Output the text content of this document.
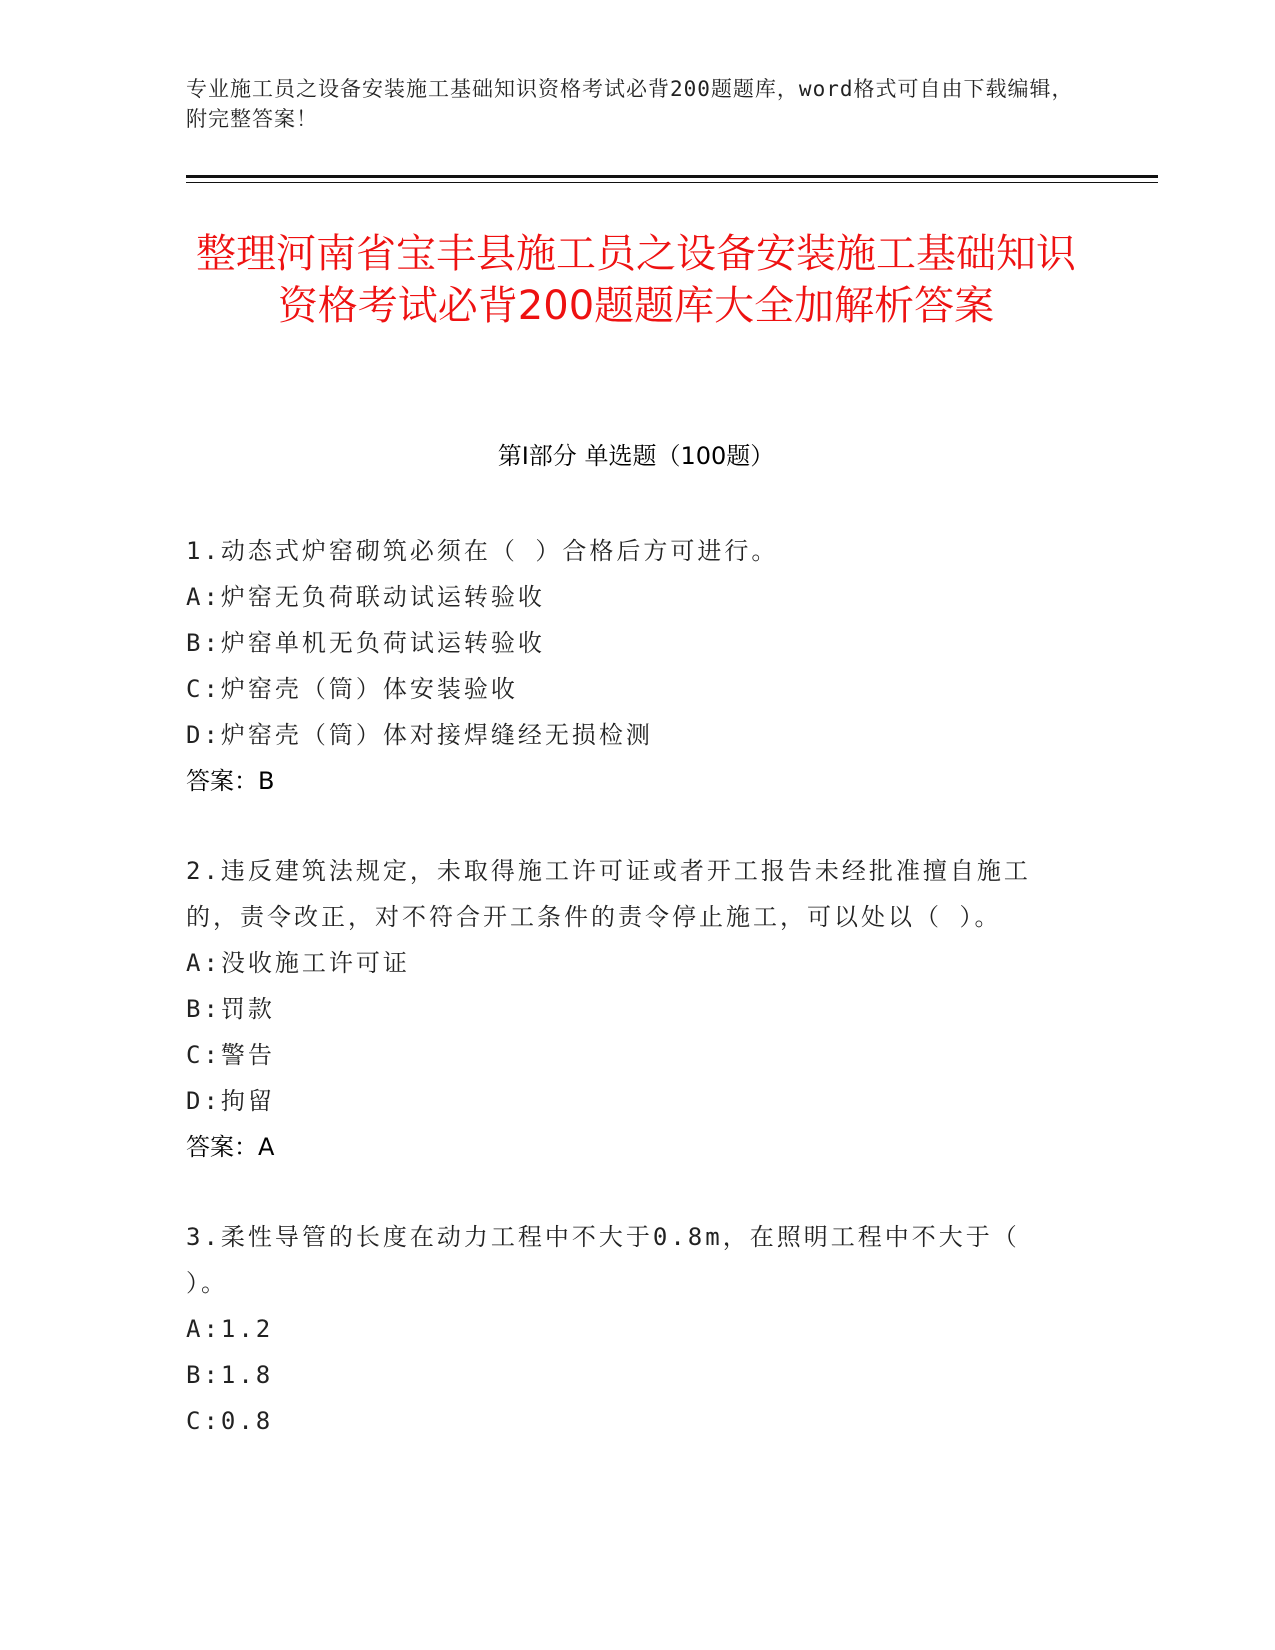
专业施工员之设备安装施工基础知识资格考试必背200题题库，word格式可自由下载编辑，附完整答案！
整理河南省宝丰县施工员之设备安装施工基础知识资格考试必背200题题库大全加解析答案
第Ⅰ部分 单选题（100题）
1.动态式炉窑砌筑必须在（ ）合格后方可进行。
A:炉窑无负荷联动试运转验收
B:炉窑单机无负荷试运转验收
C:炉窑壳（筒）体安装验收
D:炉窑壳（筒）体对接焊缝经无损检测
答案：B
2.违反建筑法规定，未取得施工许可证或者开工报告未经批准擅自施工的，责令改正，对不符合开工条件的责令停止施工，可以处以（ ）。
A:没收施工许可证
B:罚款
C:警告
D:拘留
答案：A
3.柔性导管的长度在动力工程中不大于0.8m，在照明工程中不大于（ ）。
A:1.2
B:1.8
C:0.8
